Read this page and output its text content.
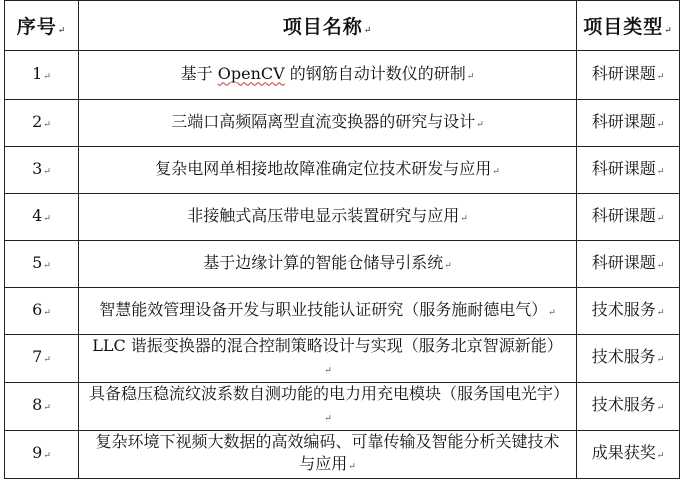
序号↵	项目名称↵	项目类型↵
1↵	基于 OpenCV 的钢筋自动计数仪的研制↵	科研课题↵
2↵	三端口高频隔离型直流变换器的研究与设计↵	科研课题↵
3↵	复杂电网单相接地故障准确定位技术研发与应用↵	科研课题↵
4↵	非接触式高压带电显示装置研究与应用↵	科研课题↵
5↵	基于边缘计算的智能仓储导引系统↵	科研课题↵
6↵	智慧能效管理设备开发与职业技能认证研究（服务施耐德电气）↵	技术服务↵
7↵	LLC 谐振变换器的混合控制策略设计与实现（服务北京智源新能）↵	技术服务↵
8↵	具备稳压稳流纹波系数自测功能的电力用充电模块（服务国电光宇）↵	技术服务↵
9↵	复杂环境下视频大数据的高效编码、可靠传输及智能分析关键技术与应用↵	成果获奖↵
